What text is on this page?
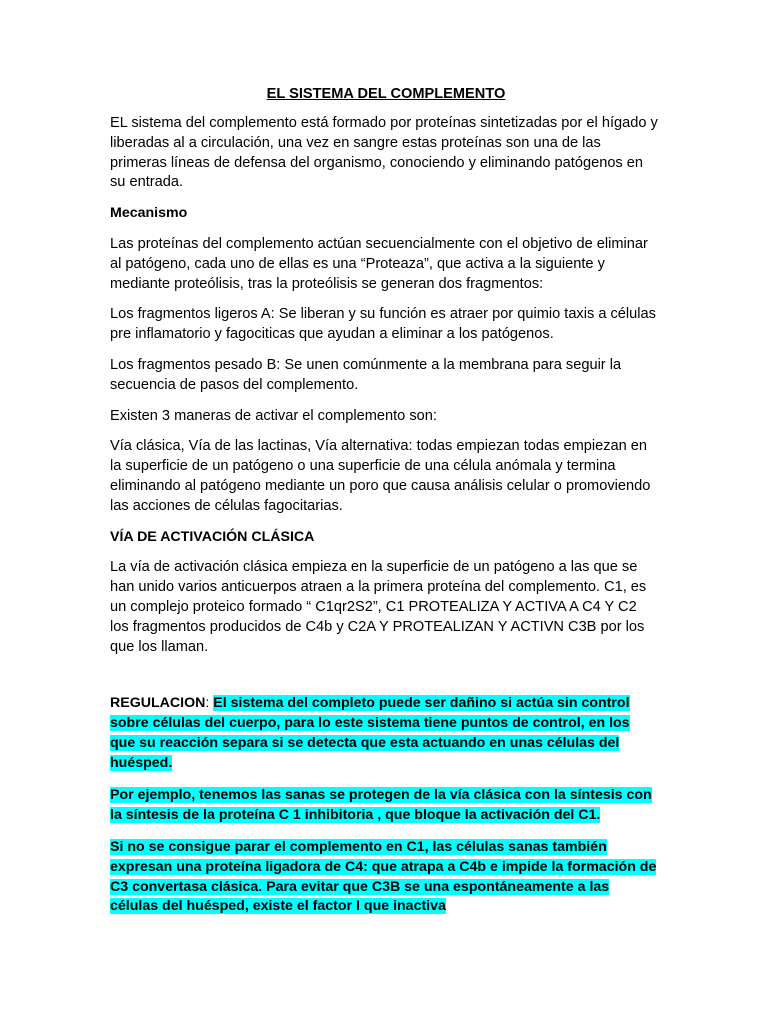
EL SISTEMA DEL COMPLEMENTO

EL sistema del complemento está formado por proteínas sintetizadas por el hígado y liberadas al a circulación, una vez en sangre estas proteínas son una de las primeras líneas de defensa del organismo, conociendo y eliminando patógenos en su entrada.

Mecanismo

Las proteínas del complemento actúan secuencialmente con el objetivo de eliminar al patógeno, cada uno de ellas es una “Proteaza”, que activa a la siguiente y mediante proteólisis, tras la proteólisis se generan dos fragmentos:

Los fragmentos ligeros A: Se liberan y su función es atraer por quimio taxis a células pre inflamatorio y fagociticas que ayudan a eliminar a los patógenos.

Los fragmentos pesado B: Se unen comúnmente a la membrana para seguir la secuencia de pasos del complemento.

Existen 3 maneras de activar el complemento son:

Vía clásica, Vía de las lactinas, Vía alternativa: todas empiezan todas empiezan en la superficie de un patógeno o una superficie de una célula anómala y termina eliminando al patógeno mediante un poro que causa análisis celular o promoviendo las acciones de células fagocitarias.

VÍA DE ACTIVACIÓN CLÁSICA

La vía de activación clásica empieza en la superficie de un patógeno a las que se han unido varios anticuerpos atraen a la primera proteína del complemento. C1, es un complejo proteico formado “ C1qr2S2”, C1 PROTEALIZA Y ACTIVA A C4 Y C2 los fragmentos producidos de C4b y C2A Y PROTEALIZAN Y ACTIVN C3B por los que los llaman.

REGULACION: El sistema del completo puede ser dañino si actúa sin control sobre células del cuerpo, para lo este sistema tiene puntos de control, en los que su reacción separa si se detecta que esta actuando en unas células del huésped.

Por ejemplo, tenemos las sanas se protegen de la vía clásica con la síntesis con la síntesis de la proteína C 1 inhibitoria , que bloque la activación del C1.

Si no se consigue parar el complemento en C1, las células sanas también expresan una proteína ligadora de C4: que atrapa a C4b e impide la formación de C3 convertasa clásica. Para evitar que C3B se una espontáneamente a las células del huésped, existe el factor I que inactiva
